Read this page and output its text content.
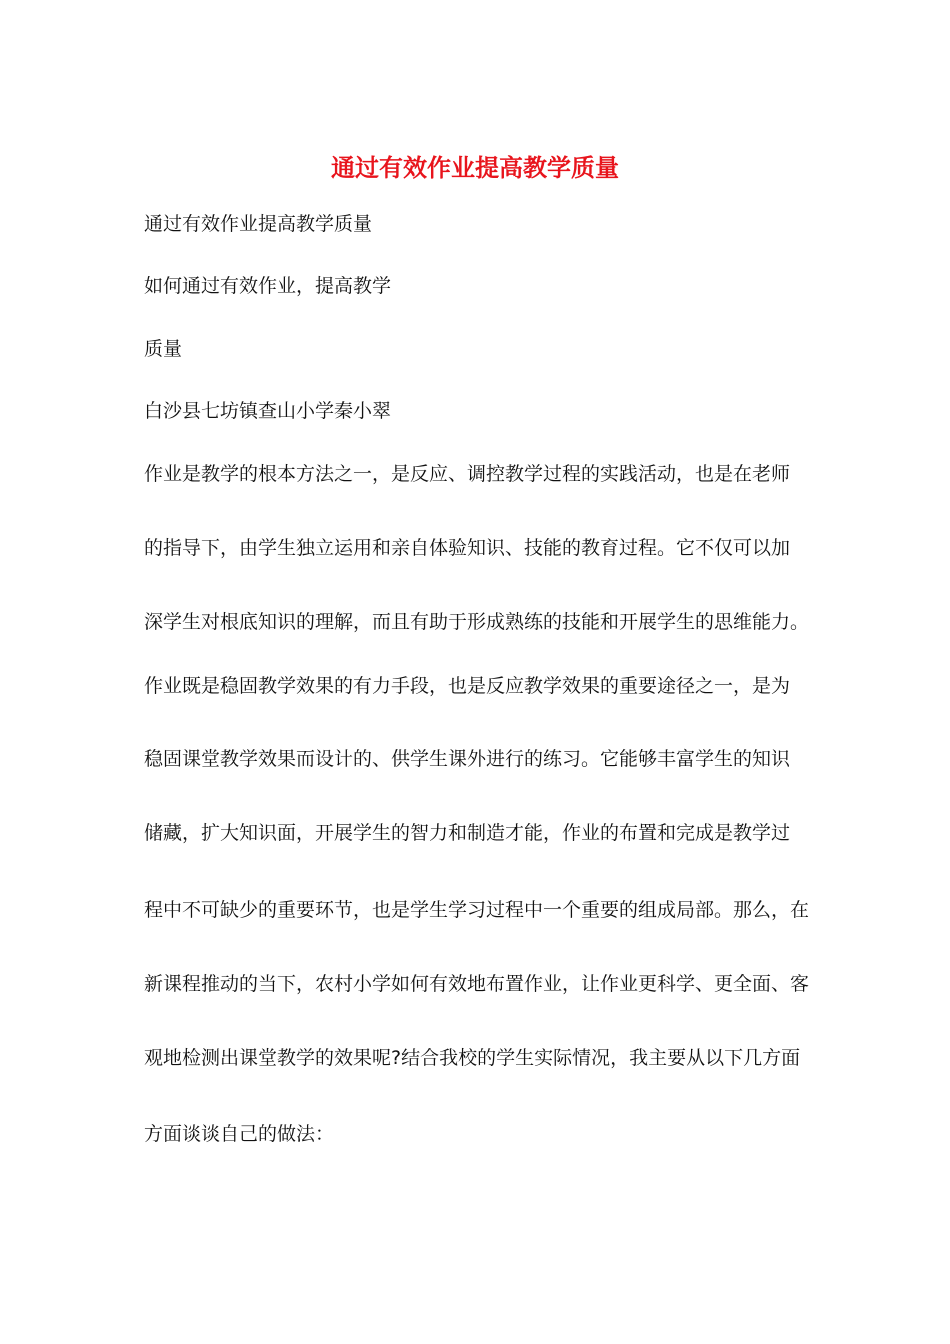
通过有效作业提高教学质量
通过有效作业提高教学质量
如何通过有效作业，提高教学
质量
白沙县七坊镇查山小学秦小翠
作业是教学的根本方法之一，是反应、调控教学过程的实践活动，也是在老师
的指导下，由学生独立运用和亲自体验知识、技能的教育过程。它不仅可以加
深学生对根底知识的理解，而且有助于形成熟练的技能和开展学生的思维能力。
作业既是稳固教学效果的有力手段，也是反应教学效果的重要途径之一，是为
稳固课堂教学效果而设计的、供学生课外进行的练习。它能够丰富学生的知识
储藏，扩大知识面，开展学生的智力和制造才能，作业的布置和完成是教学过
程中不可缺少的重要环节，也是学生学习过程中一个重要的组成局部。那么，在
新课程推动的当下，农村小学如何有效地布置作业，让作业更科学、更全面、客
观地检测出课堂教学的效果呢?结合我校的学生实际情况，我主要从以下几方面
方面谈谈自己的做法：
